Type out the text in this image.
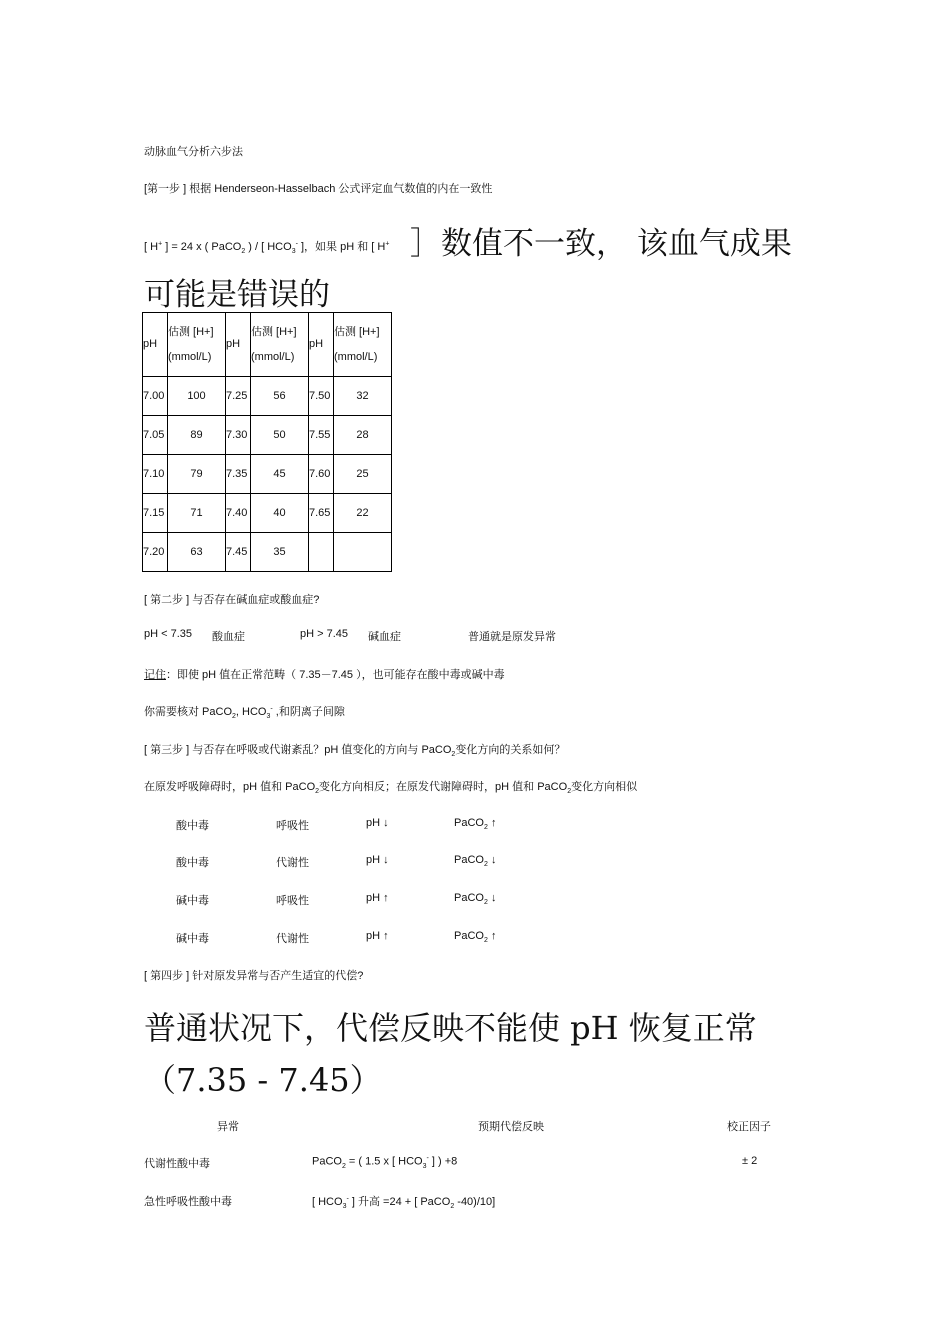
动脉血气分析六步法
[第一步 ] 根据 Henderseon-Hasselbach 公式评定血气数值的内在一致性
[ H+ ] = 24 x ( PaCO$_2$ ) / [ $HCO_3^-$ ]，如果 pH 和 [ H+ ］数值不一致， 该血气成果
可能是错误的
pH	估测 [H+] (mmol/L)	pH	估测 [H+] (mmol/L)	pH	估测 [H+] (mmol/L)
7.00	100	7.25	56	7.50	32
7.05	89	7.30	50	7.55	28
7.10	79	7.35	45	7.60	25
7.15	71	7.40	40	7.65	22
7.20	63	7.45	35		
[ 第二步 ] 与否存在碱血症或酸血症?
pH < 7.35 酸血症	pH > 7.45 碱血症	普通就是原发异常
记住：即使 pH 值在正常范畴（ 7.35－7.45 ），也可能存在酸中毒或碱中毒
你需要核对 PaCO$_2$, $HCO_3^-$ ,和阴离子间隙
[ 第三步 ] 与否存在呼吸或代谢紊乱？pH 值变化的方向与 PaCO$_2$变化方向的关系如何？
在原发呼吸障碍时，pH 值和 PaCO$_2$变化方向相反；在原发代谢障碍时，pH 值和 PaCO$_2$变化方向相似
酸中毒	呼吸性	pH ↓	PaCO$_2$ ↑
酸中毒	代谢性	pH ↓	PaCO$_2$ ↓
碱中毒	呼吸性	pH ↑	PaCO$_2$ ↓
碱中毒	代谢性	pH ↑	PaCO$_2$ ↑
[ 第四步 ] 针对原发异常与否产生适宜的代偿?
普通状况下，代偿反映不能使 pH 恢复正常
（7.35 - 7.45）
异常	预期代偿反映	校正因子
代谢性酸中毒	PaCO$_2$ = ( 1.5 x [ $HCO_3^-$ ] ) +8	± 2
急性呼吸性酸中毒	[ $HCO_3^-$ ] 升高 =24 + [ PaCO$_2$ -40)/10]
